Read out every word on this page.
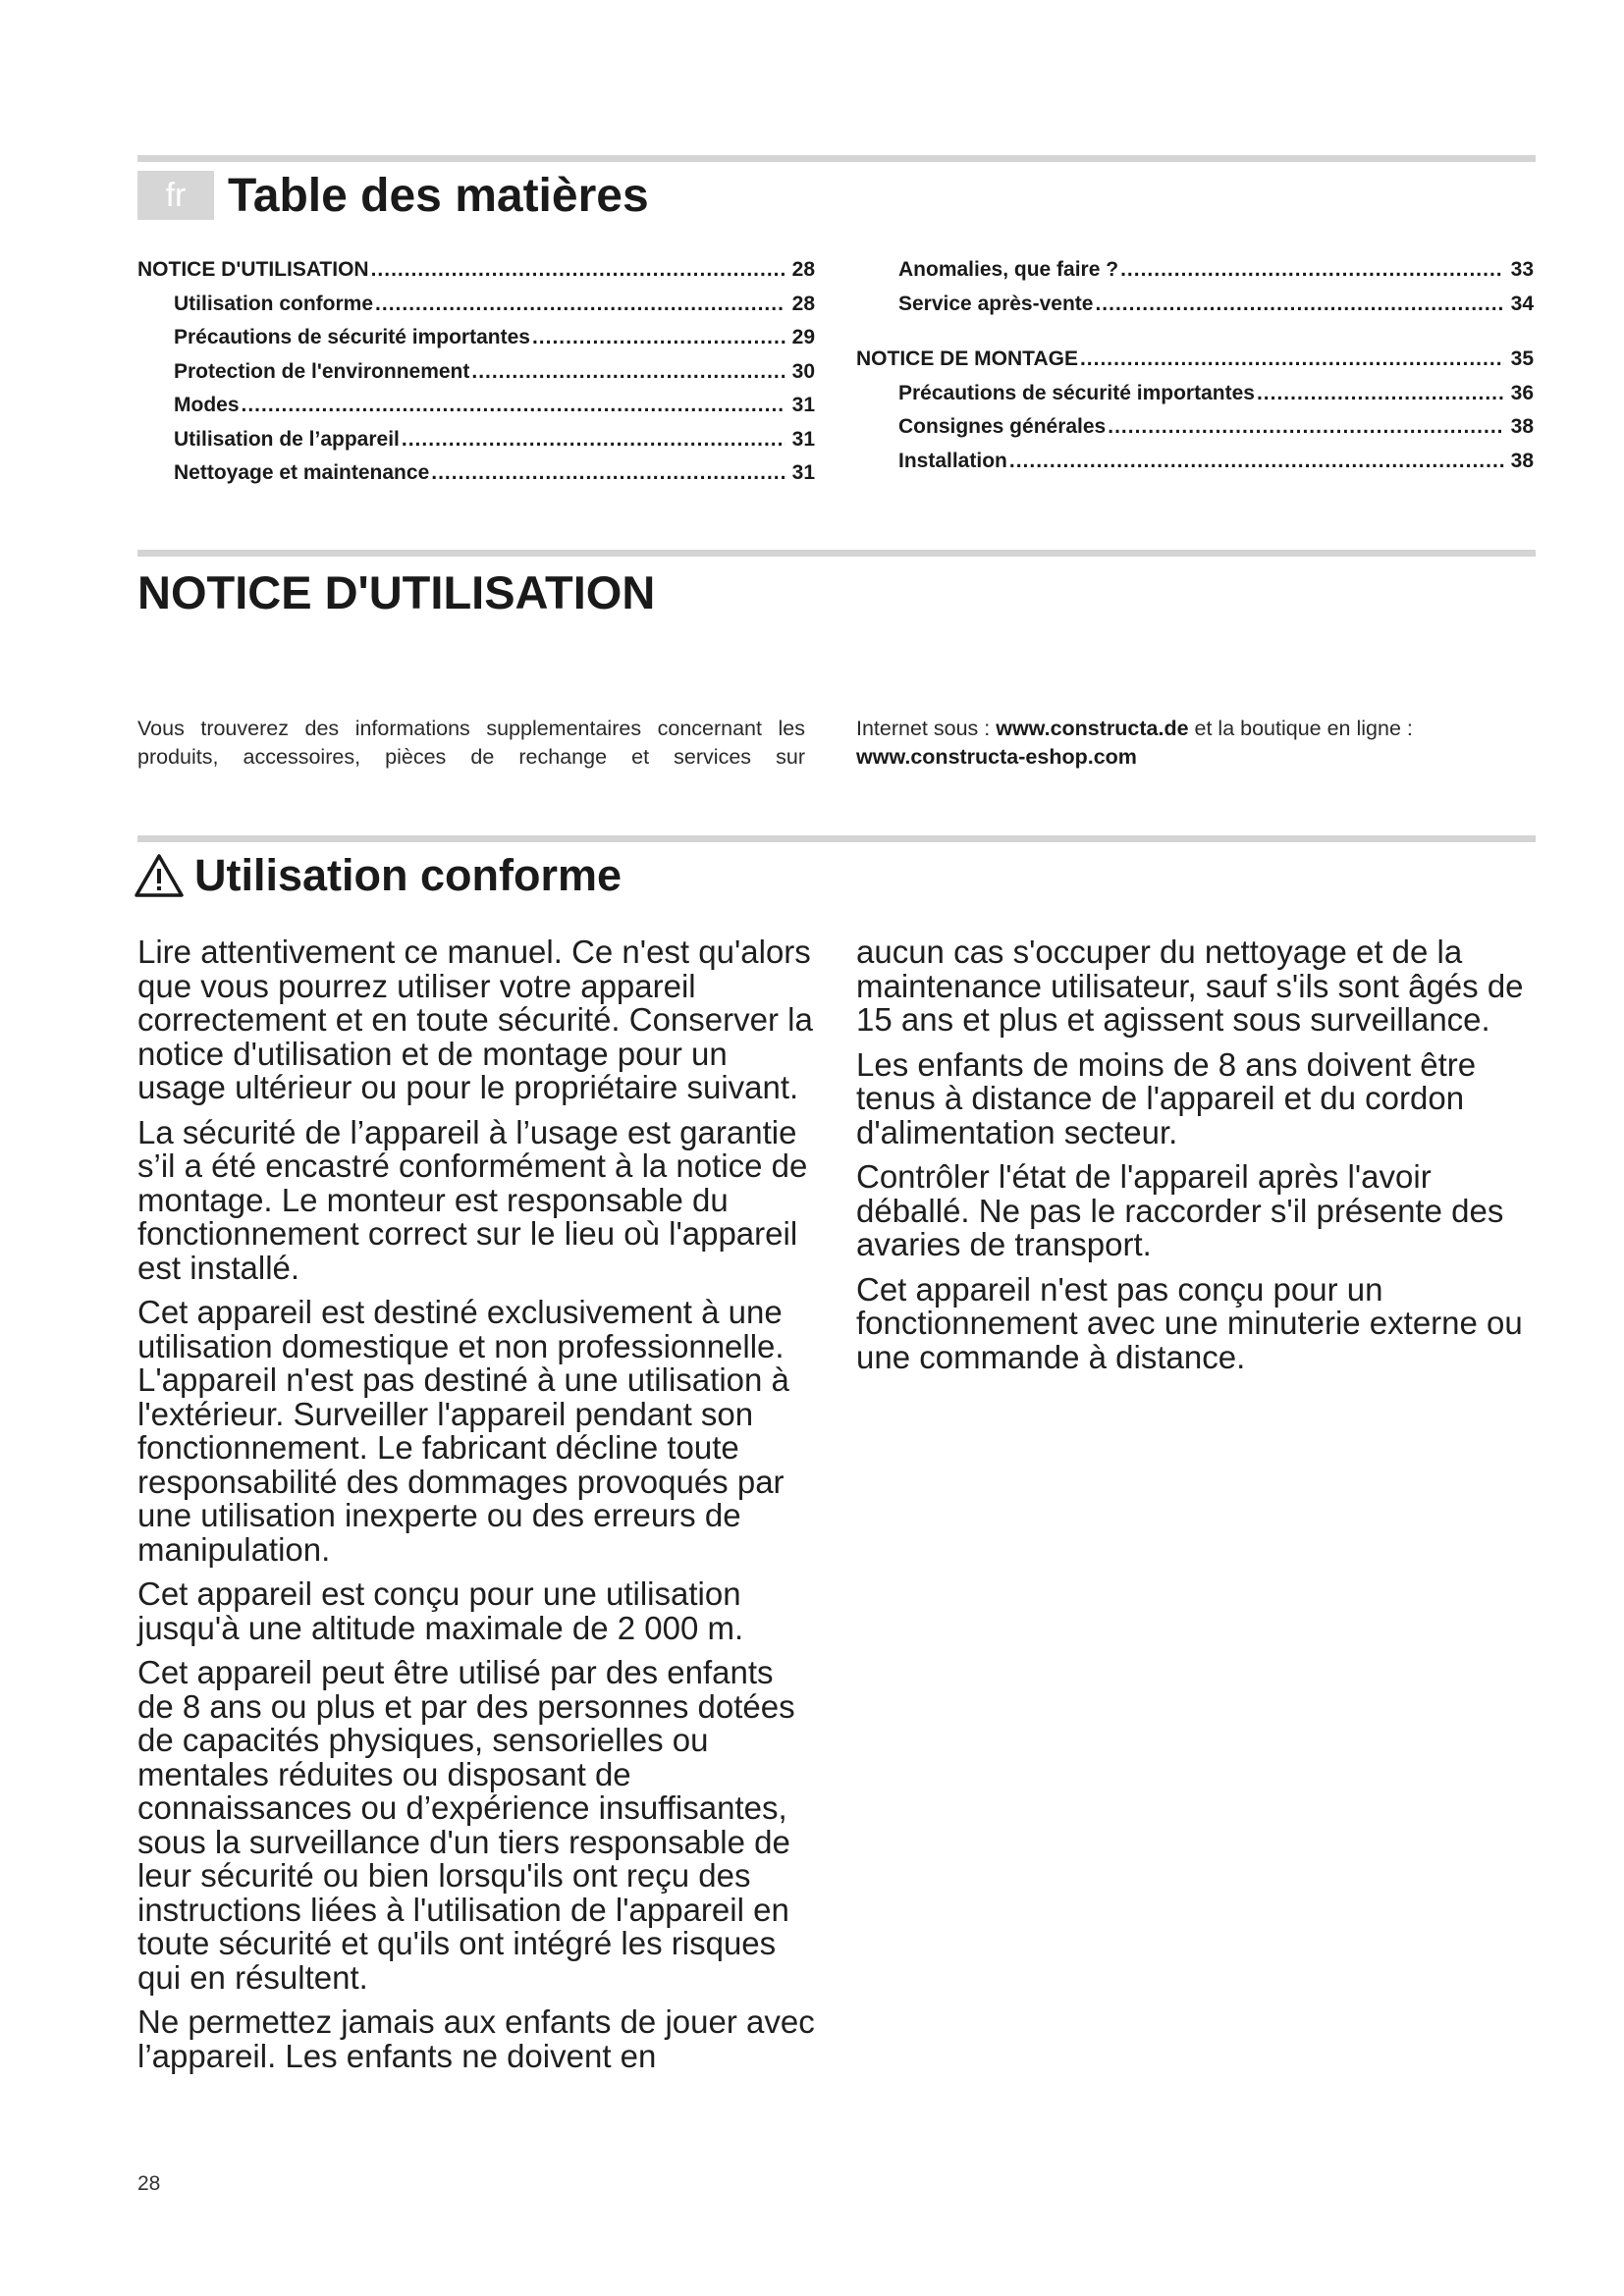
fr Table des matières
NOTICE D'UTILISATION .....	28
Utilisation conforme .....	28
Précautions de sécurité importantes .....	29
Protection de l'environnement .....	30
Modes .....	31
Utilisation de l’appareil .....	31
Nettoyage et maintenance .....	31
Anomalies, que faire ? .....	33
Service après-vente .....	34
NOTICE DE MONTAGE .....	35
Précautions de sécurité importantes .....	36
Consignes générales .....	38
Installation .....	38
NOTICE D'UTILISATION
Vous trouverez des informations supplementaires concernant les produits, accessoires, pièces de rechange et services sur
Internet sous : www.constructa.de et la boutique en ligne :
www.constructa-eshop.com
Utilisation conforme

Lire attentivement ce manuel. Ce n'est qu'alors que vous pourrez utiliser votre appareil correctement et en toute sécurité. Conserver la notice d'utilisation et de montage pour un usage ultérieur ou pour le propriétaire suivant.

La sécurité de l’appareil à l’usage est garantie s’il a été encastré conformément à la notice de montage. Le monteur est responsable du fonctionnement correct sur le lieu où l'appareil est installé.

Cet appareil est destiné exclusivement à une utilisation domestique et non professionnelle. L'appareil n'est pas destiné à une utilisation à l'extérieur. Surveiller l'appareil pendant son fonctionnement. Le fabricant décline toute responsabilité des dommages provoqués par une utilisation inexperte ou des erreurs de manipulation.

Cet appareil est conçu pour une utilisation jusqu'à une altitude maximale de 2 000 m.

Cet appareil peut être utilisé par des enfants de 8 ans ou plus et par des personnes dotées de capacités physiques, sensorielles ou mentales réduites ou disposant de connaissances ou d’expérience insuffisantes, sous la surveillance d'un tiers responsable de leur sécurité ou bien lorsqu'ils ont reçu des instructions liées à l'utilisation de l'appareil en toute sécurité et qu'ils ont intégré les risques qui en résultent.

Ne permettez jamais aux enfants de jouer avec l’appareil. Les enfants ne doivent en

aucun cas s'occuper du nettoyage et de la maintenance utilisateur, sauf s'ils sont âgés de 15 ans et plus et agissent sous surveillance.

Les enfants de moins de 8 ans doivent être tenus à distance de l'appareil et du cordon d'alimentation secteur.

Contrôler l'état de l'appareil après l'avoir déballé. Ne pas le raccorder s'il présente des avaries de transport.

Cet appareil n'est pas conçu pour un fonctionnement avec une minuterie externe ou une commande à distance.

28
